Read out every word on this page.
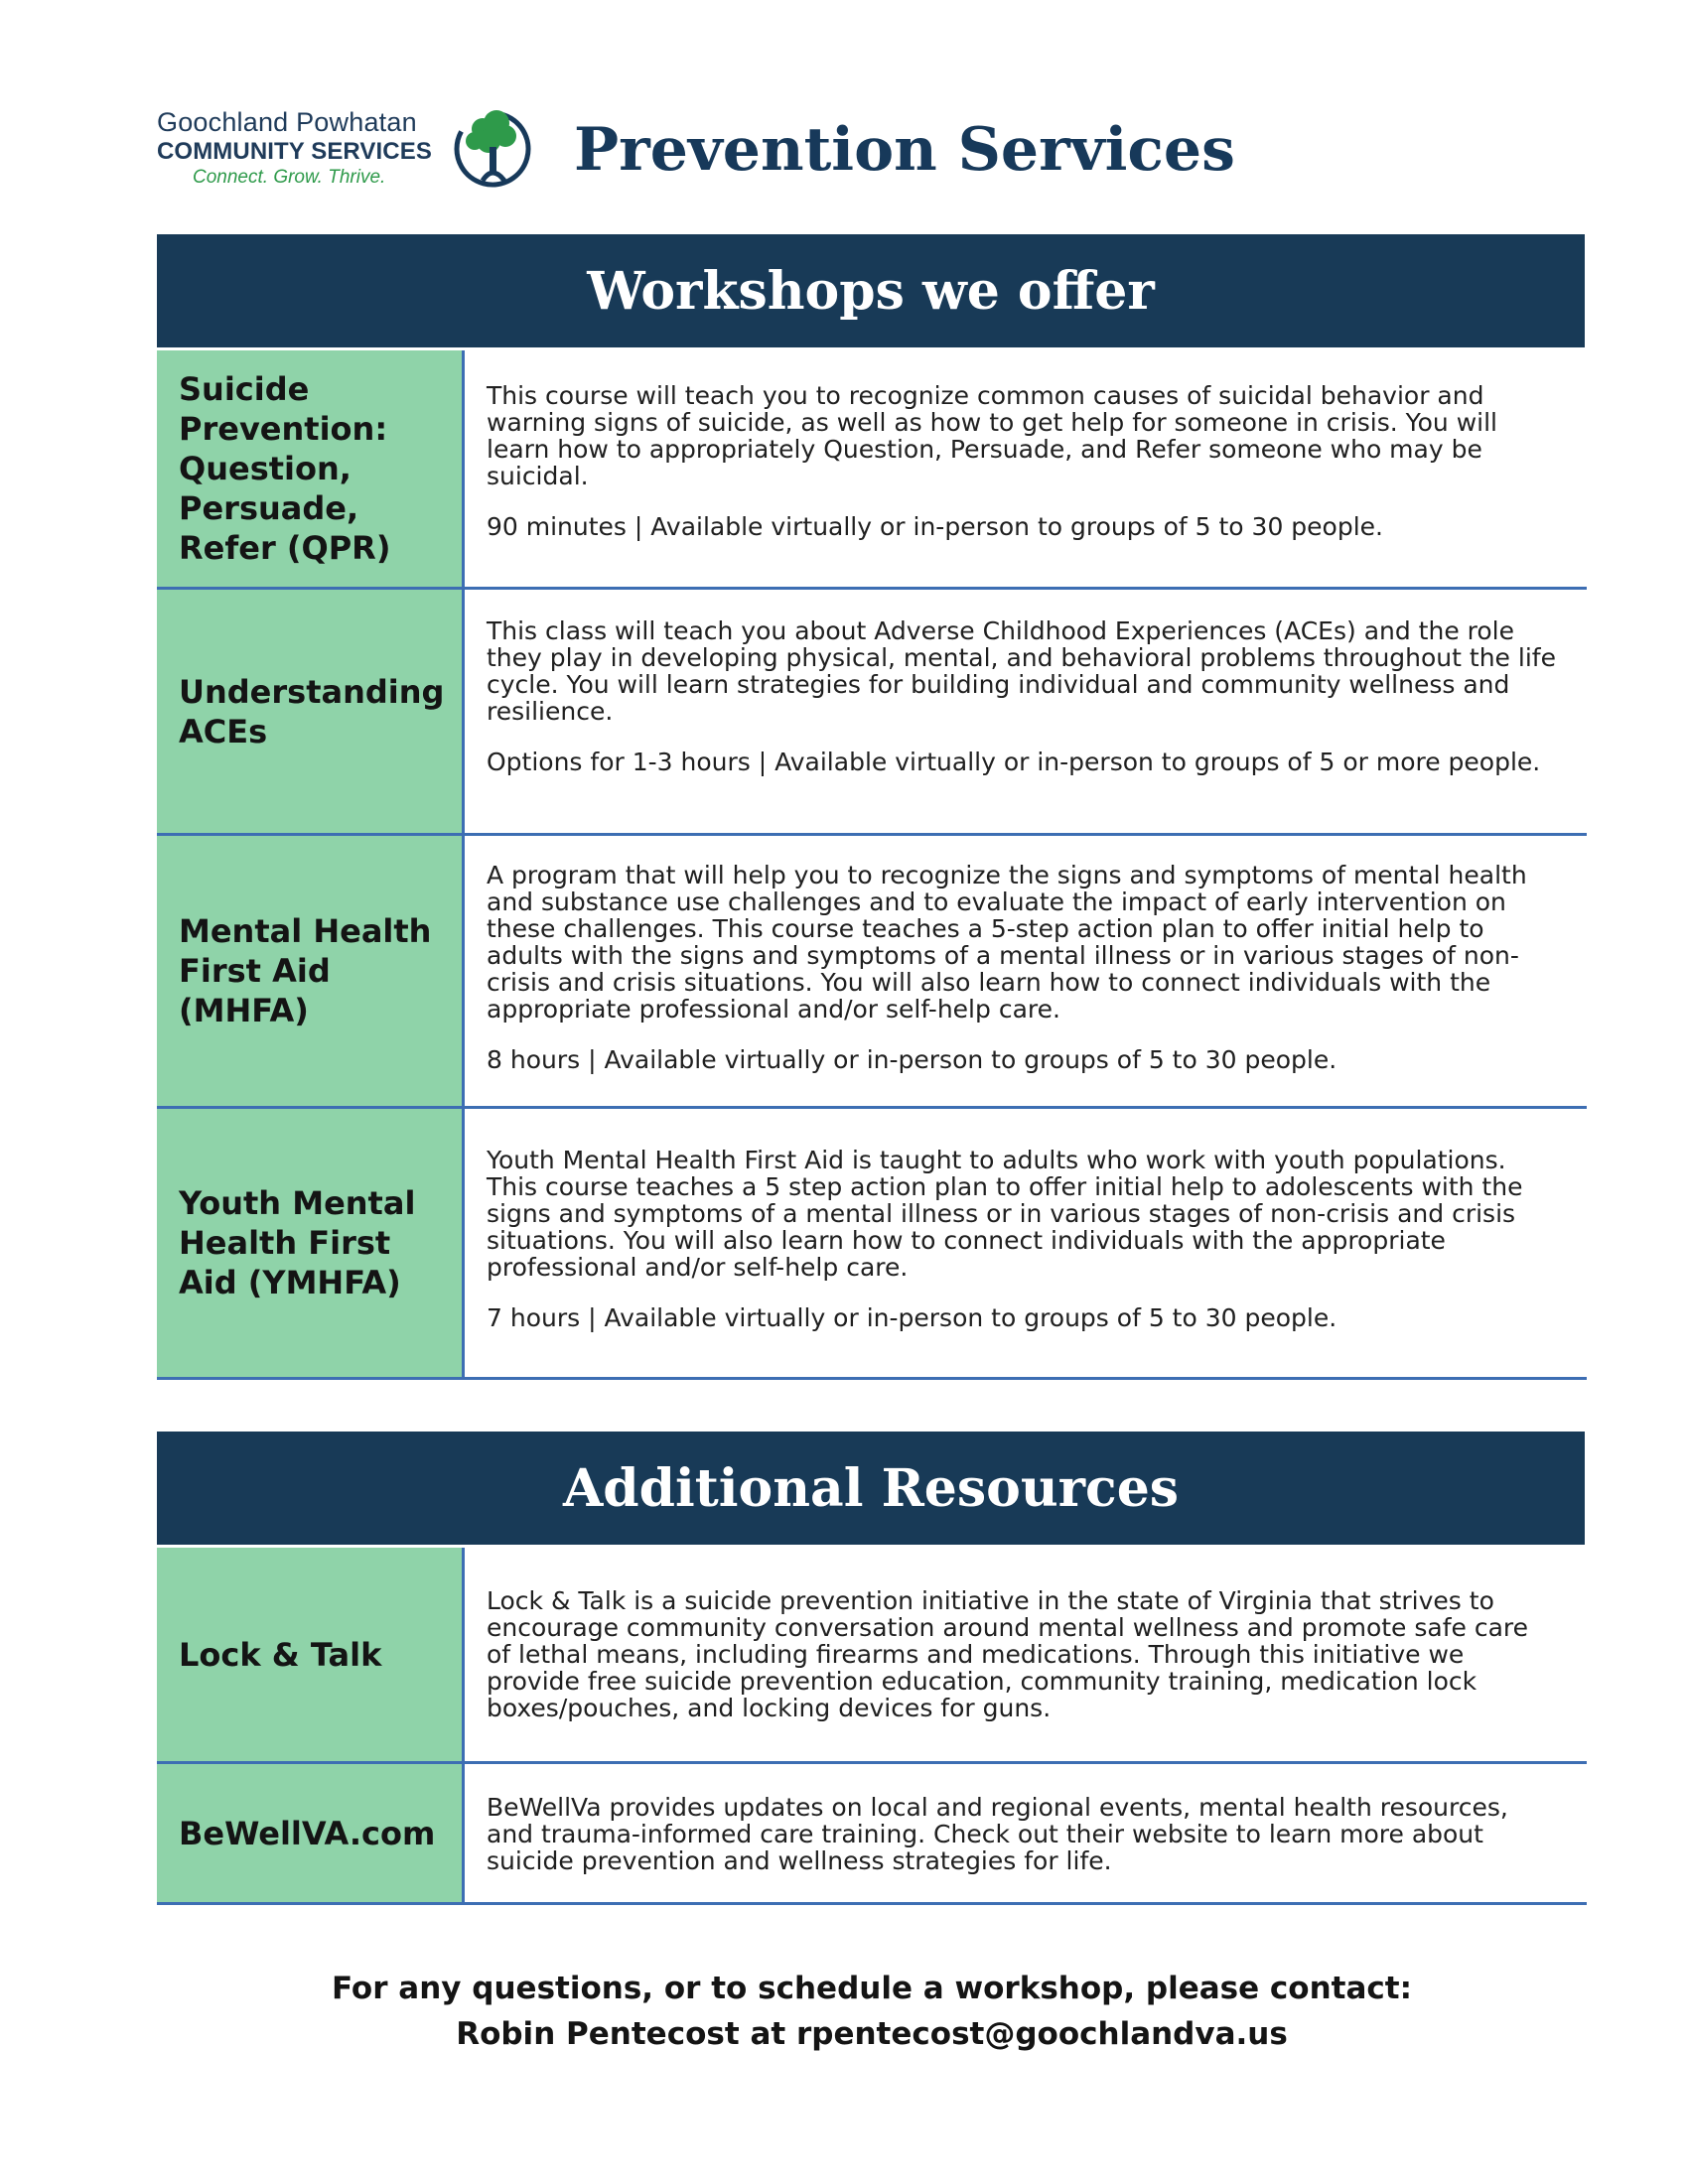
Goochland Powhatan
COMMUNITY SERVICES
Connect. Grow. Thrive.	Prevention Services
Workshops we offer
Suicide Prevention: Question, Persuade, Refer (QPR)

This course will teach you to recognize common causes of suicidal behavior and warning signs of suicide, as well as how to get help for someone in crisis. You will learn how to appropriately Question, Persuade, and Refer someone who may be suicidal.

90 minutes | Available virtually or in-person to groups of 5 to 30 people.

Understanding ACEs

This class will teach you about Adverse Childhood Experiences (ACEs) and the role they play in developing physical, mental, and behavioral problems throughout the life cycle. You will learn strategies for building individual and community wellness and resilience.

Options for 1-3 hours | Available virtually or in-person to groups of 5 or more people.

Mental Health First Aid (MHFA)

A program that will help you to recognize the signs and symptoms of mental health and substance use challenges and to evaluate the impact of early intervention on these challenges. This course teaches a 5-step action plan to offer initial help to adults with the signs and symptoms of a mental illness or in various stages of non-crisis and crisis situations. You will also learn how to connect individuals with the appropriate professional and/or self-help care.

8 hours | Available virtually or in-person to groups of 5 to 30 people.

Youth Mental Health First Aid (YMHFA)

Youth Mental Health First Aid is taught to adults who work with youth populations. This course teaches a 5 step action plan to offer initial help to adolescents with the signs and symptoms of a mental illness or in various stages of non-crisis and crisis situations. You will also learn how to connect individuals with the appropriate professional and/or self-help care.

7 hours | Available virtually or in-person to groups of 5 to 30 people.

Additional Resources
Lock & Talk

Lock & Talk is a suicide prevention initiative in the state of Virginia that strives to encourage community conversation around mental wellness and promote safe care of lethal means, including firearms and medications. Through this initiative we provide free suicide prevention education, community training, medication lock boxes/pouches, and locking devices for guns.

BeWellVA.com

BeWellVa provides updates on local and regional events, mental health resources, and trauma-informed care training. Check out their website to learn more about suicide prevention and wellness strategies for life.

For any questions, or to schedule a workshop, please contact:
Robin Pentecost at rpentecost@goochlandva.us
